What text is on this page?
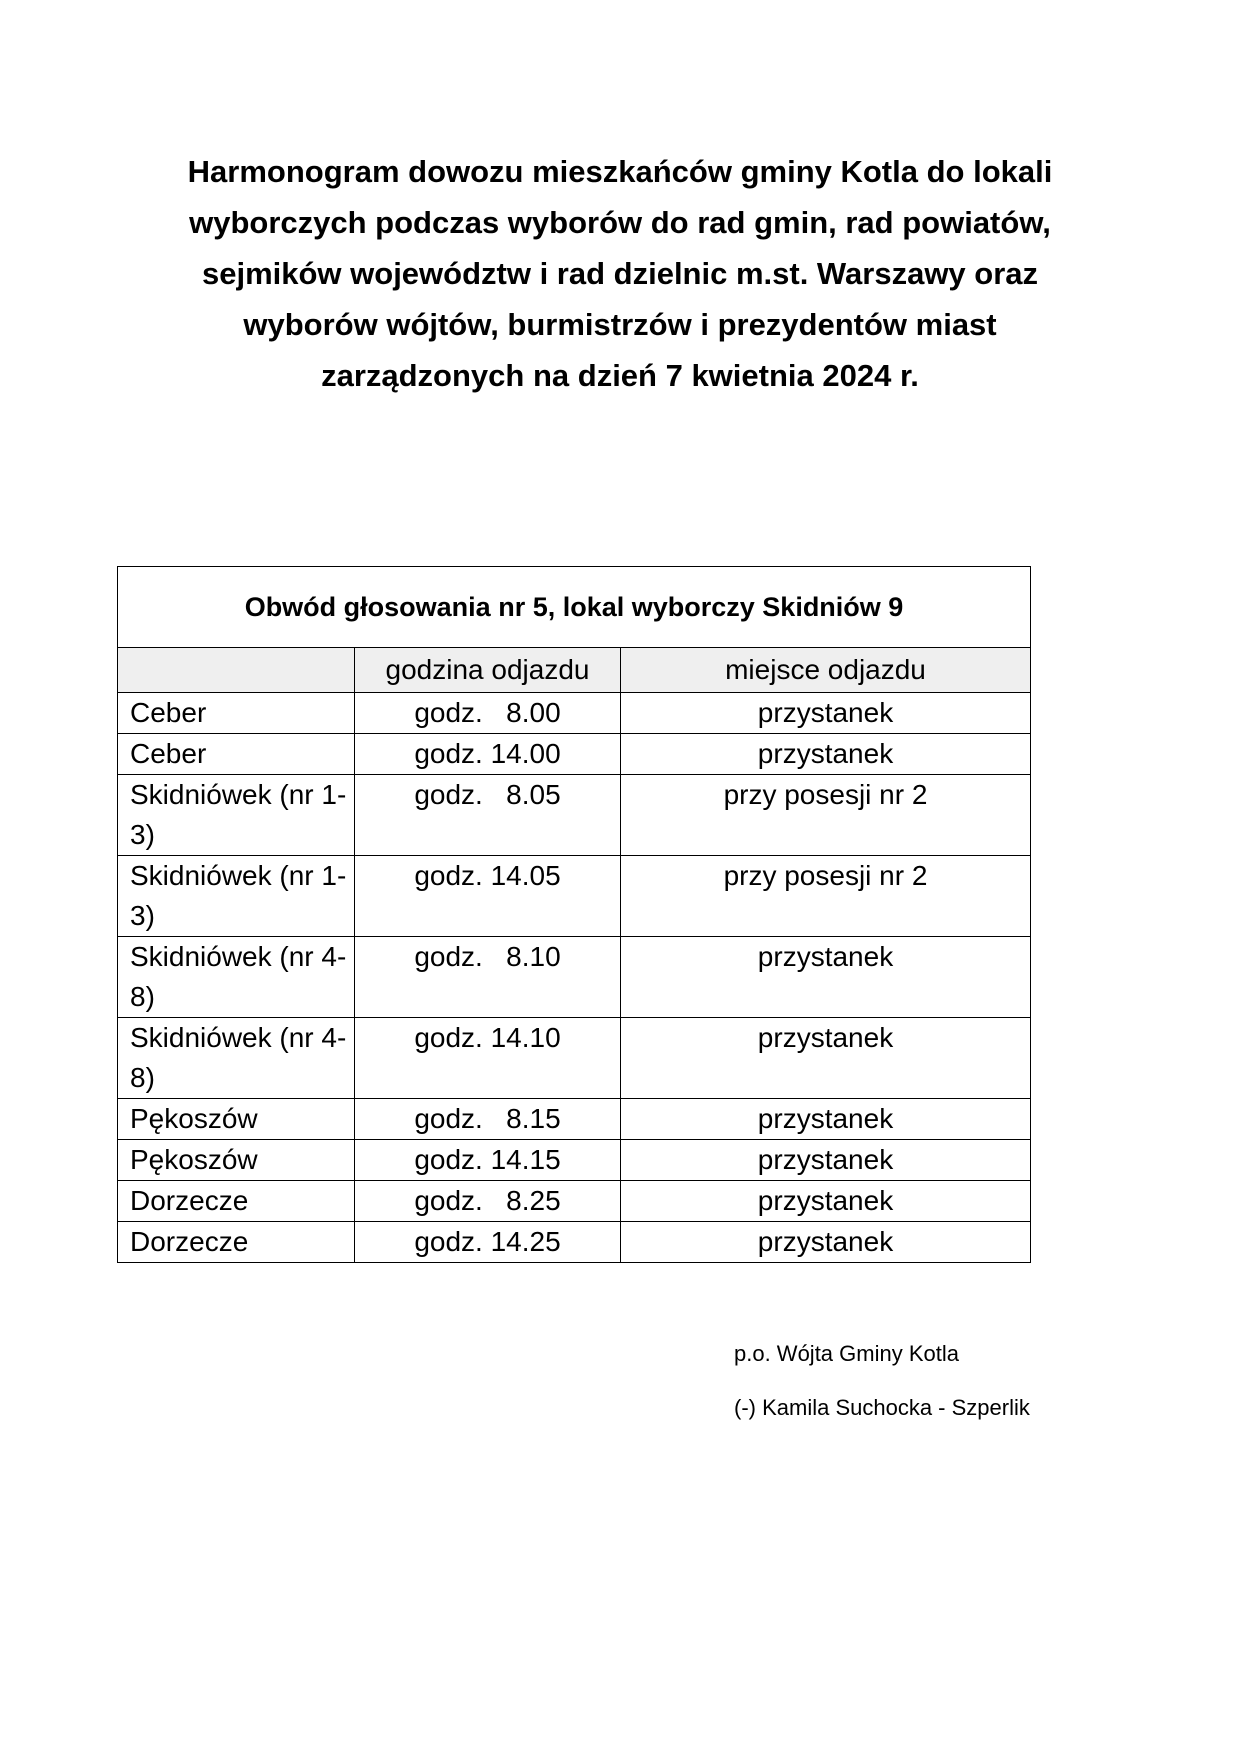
Harmonogram dowozu mieszkańców gminy Kotla do lokali
wyborczych podczas wyborów do rad gmin, rad powiatów,
sejmików województw i rad dzielnic m.st. Warszawy oraz
wyborów wójtów, burmistrzów i prezydentów miast
zarządzonych na dzień 7 kwietnia 2024 r.
Obwód głosowania nr 5, lokal wyborczy Skidniów 9		
	godzina odjazdu	miejsce odjazdu
Ceber	godz.   8.00	przystanek
Ceber	godz. 14.00	przystanek
Skidniówek (nr 1-3)	godz.   8.05	przy posesji nr 2
Skidniówek (nr 1-3)	godz. 14.05	przy posesji nr 2
Skidniówek (nr 4-8)	godz.   8.10	przystanek
Skidniówek (nr 4-8)	godz. 14.10	przystanek
Pękoszów	godz.   8.15	przystanek
Pękoszów	godz. 14.15	przystanek
Dorzecze	godz.   8.25	przystanek
Dorzecze	godz. 14.25	przystanek
p.o. Wójta Gminy Kotla
(-) Kamila Suchocka - Szperlik
